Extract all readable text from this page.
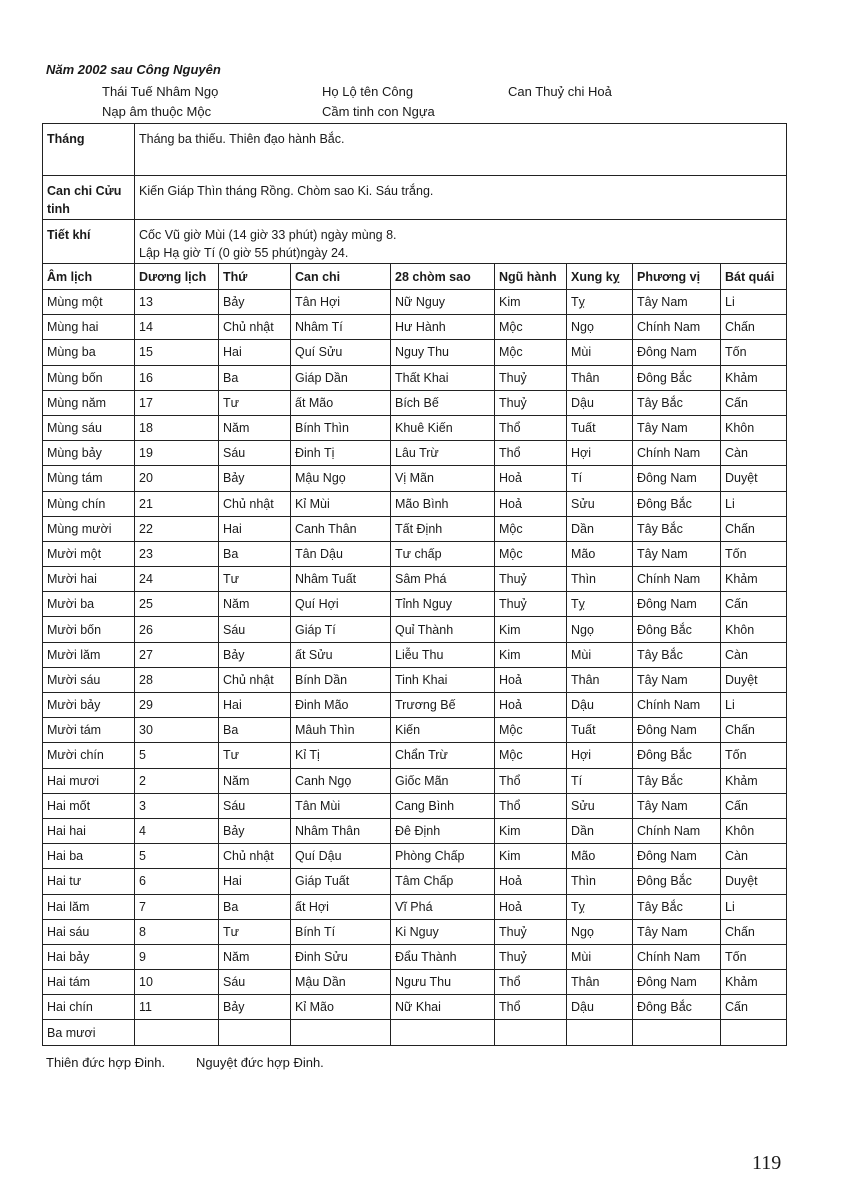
Năm 2002 sau Công Nguyên
Thái Tuế Nhâm Ngọ	Họ Lộ tên Công	Can Thuỷ chi Hoả
Nạp âm thuộc Mộc	Cầm tinh con Ngựa
Tháng	Tháng ba thiếu. Thiên đạo hành Bắc.							
Can chi Cửu tinh	Kiến Giáp Thìn tháng Rồng. Chòm sao Ki. Sáu trắng.							
Tiết khí	Cốc Vũ giờ Mùi (14 giờ 33 phút) ngày mùng 8.
Lập Hạ giờ Tí (0 giờ 55 phút)ngày 24.							

Âm lịch	Dương lịch	Thứ	Can chi	28 chòm sao	Ngũ hành	Xung kỵ	Phương vị	Bát quái
Mùng một	13	Bảy	Tân Hợi	Nữ Nguy	Kim	Tỵ	Tây Nam	Li
Mùng hai	14	Chủ nhật	Nhâm Tí	Hư Hành	Mộc	Ngọ	Chính Nam	Chấn
Mùng ba	15	Hai	Quí Sửu	Nguy Thu	Mộc	Mùi	Đông Nam	Tốn
Mùng bốn	16	Ba	Giáp Dần	Thất Khai	Thuỷ	Thân	Đông Bắc	Khảm
Mùng năm	17	Tư	ất Mão	Bích Bế	Thuỷ	Dậu	Tây Bắc	Cấn
Mùng sáu	18	Năm	Bính Thìn	Khuê Kiến	Thổ	Tuất	Tây Nam	Khôn
Mùng bảy	19	Sáu	Đinh Tị	Lâu Trừ	Thổ	Hợi	Chính Nam	Càn
Mùng tám	20	Bảy	Mậu Ngọ	Vị Mãn	Hoả	Tí	Đông Nam	Duyệt
Mùng chín	21	Chủ nhật	Kỉ Mùi	Mão Bình	Hoả	Sửu	Đông Bắc	Li
Mùng mười	22	Hai	Canh Thân	Tất Định	Mộc	Dần	Tây Bắc	Chấn
Mười một	23	Ba	Tân Dậu	Tư chấp	Mộc	Mão	Tây Nam	Tốn
Mười hai	24	Tư	Nhâm Tuất	Sâm Phá	Thuỷ	Thìn	Chính Nam	Khảm
Mười ba	25	Năm	Quí Hợi	Tỉnh Nguy	Thuỷ	Tỵ	Đông Nam	Cấn
Mười bốn	26	Sáu	Giáp Tí	Quỉ Thành	Kim	Ngọ	Đông Bắc	Khôn
Mười lăm	27	Bảy	ất Sửu	Liễu Thu	Kim	Mùi	Tây Bắc	Càn
Mười sáu	28	Chủ nhật	Bính Dần	Tinh Khai	Hoả	Thân	Tây Nam	Duyệt
Mười bảy	29	Hai	Đinh Mão	Trương Bế	Hoả	Dậu	Chính Nam	Li
Mười tám	30	Ba	Mâuh Thìn	Kiến	Mộc	Tuất	Đông Nam	Chấn
Mười chín	5	Tư	Kỉ Tị	Chẩn Trừ	Mộc	Hợi	Đông Bắc	Tốn
Hai mươi	2	Năm	Canh Ngọ	Giốc Mãn	Thổ	Tí	Tây Bắc	Khảm
Hai mốt	3	Sáu	Tân Mùi	Cang Bình	Thổ	Sửu	Tây Nam	Cấn
Hai hai	4	Bảy	Nhâm Thân	Đê Định	Kim	Dần	Chính Nam	Khôn
Hai ba	5	Chủ nhật	Quí Dậu	Phòng Chấp	Kim	Mão	Đông Nam	Càn
Hai tư	6	Hai	Giáp Tuất	Tâm Chấp	Hoả	Thìn	Đông Bắc	Duyệt
Hai lăm	7	Ba	ất Hợi	Vĩ Phá	Hoả	Tỵ	Tây Bắc	Li
Hai sáu	8	Tư	Bính Tí	Ki Nguy	Thuỷ	Ngọ	Tây Nam	Chấn
Hai bảy	9	Năm	Đinh Sửu	Đẩu Thành	Thuỷ	Mùi	Chính Nam	Tốn
Hai tám	10	Sáu	Mậu Dần	Ngưu Thu	Thổ	Thân	Đông Nam	Khảm
Hai chín	11	Bảy	Kỉ Mão	Nữ Khai	Thổ	Dậu	Đông Bắc	Cấn
Ba mươi								
Thiên đức hợp Đinh. Nguyệt đức hợp Đinh.
119
